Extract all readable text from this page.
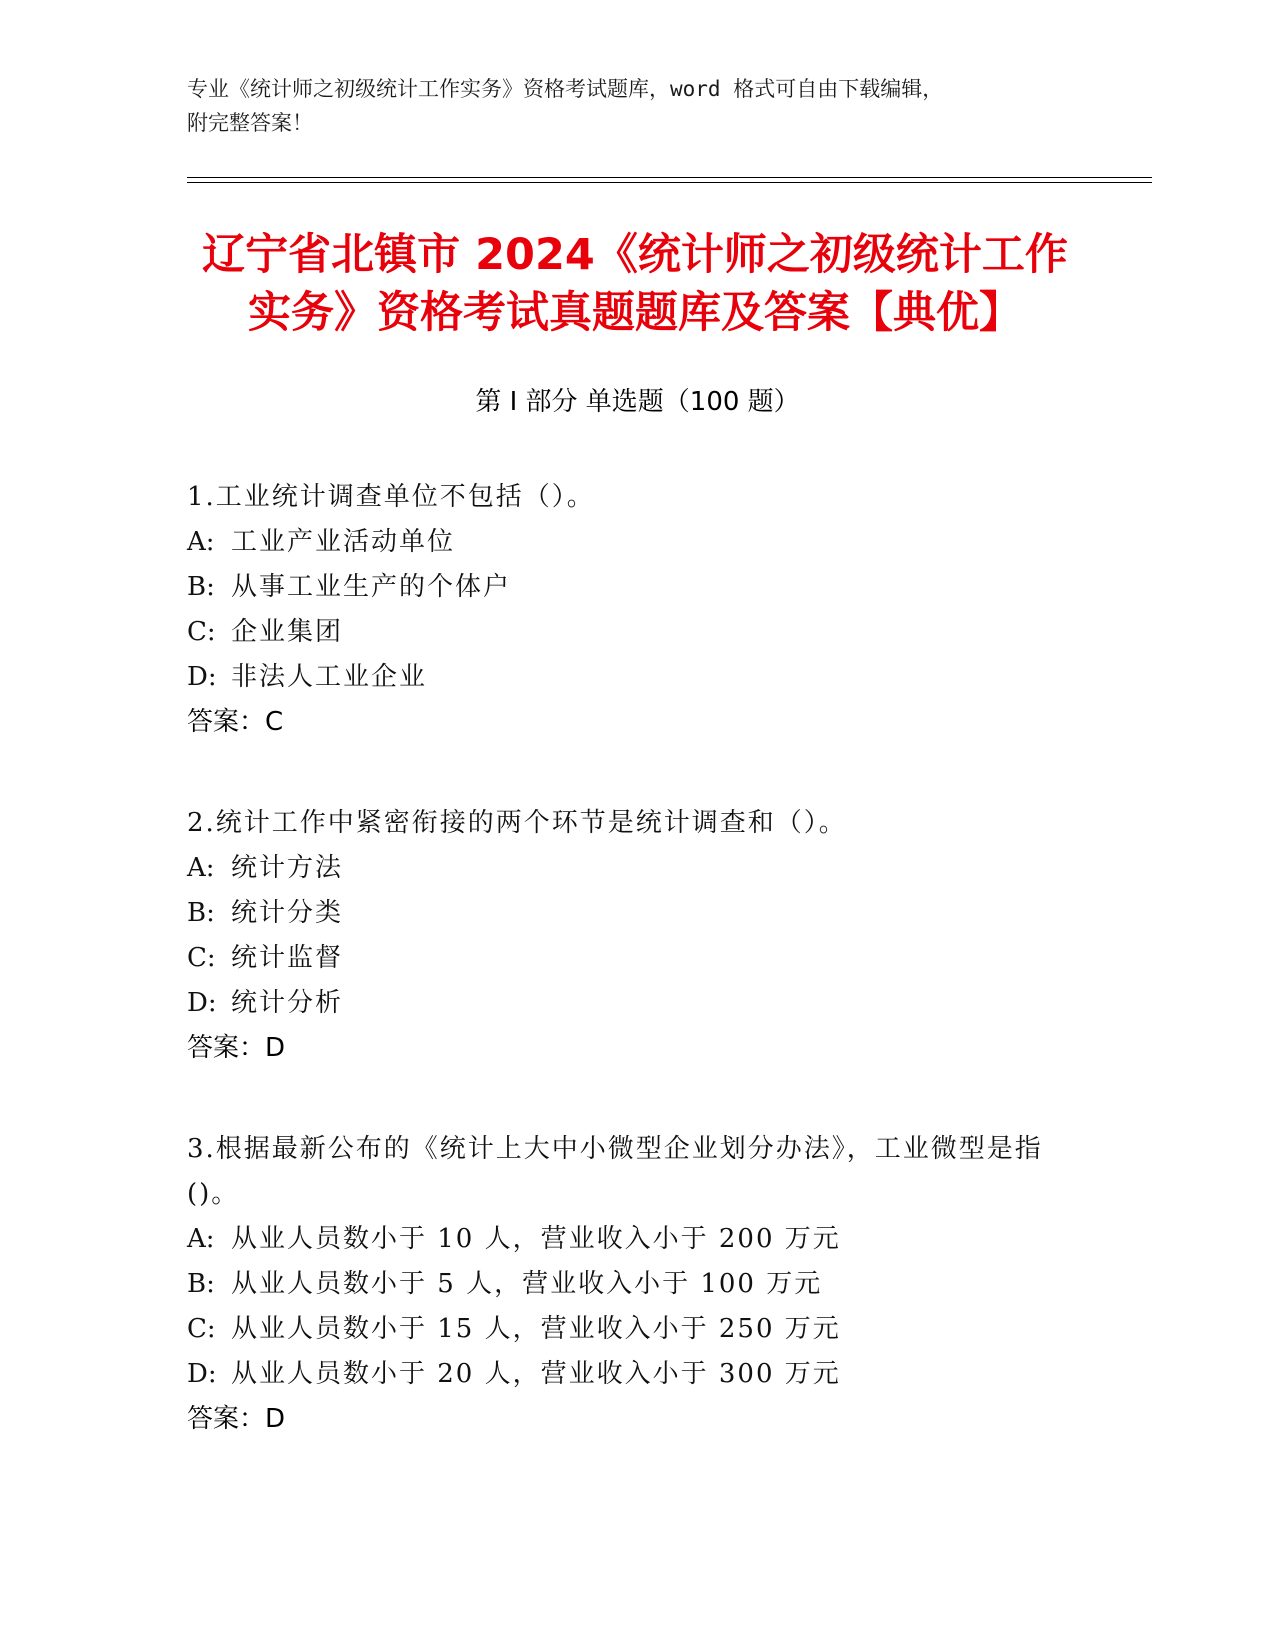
专业《统计师之初级统计工作实务》资格考试题库，word 格式可自由下载编辑，
附完整答案！
辽宁省北镇市 2024《统计师之初级统计工作
实务》资格考试真题题库及答案【典优】
第 I 部分 单选题（100 题）

1.工业统计调查单位不包括（）。

A: 工业产业活动单位

B: 从事工业生产的个体户

C: 企业集团

D: 非法人工业企业

答案：C

2.统计工作中紧密衔接的两个环节是统计调查和（）。

A: 统计方法

B: 统计分类

C: 统计监督

D: 统计分析

答案：D

3.根据最新公布的《统计上大中小微型企业划分办法》，工业微型是指()。

A: 从业人员数小于 10 人，营业收入小于 200 万元

B: 从业人员数小于 5 人，营业收入小于 100 万元

C: 从业人员数小于 15 人，营业收入小于 250 万元

D: 从业人员数小于 20 人，营业收入小于 300 万元

答案：D
